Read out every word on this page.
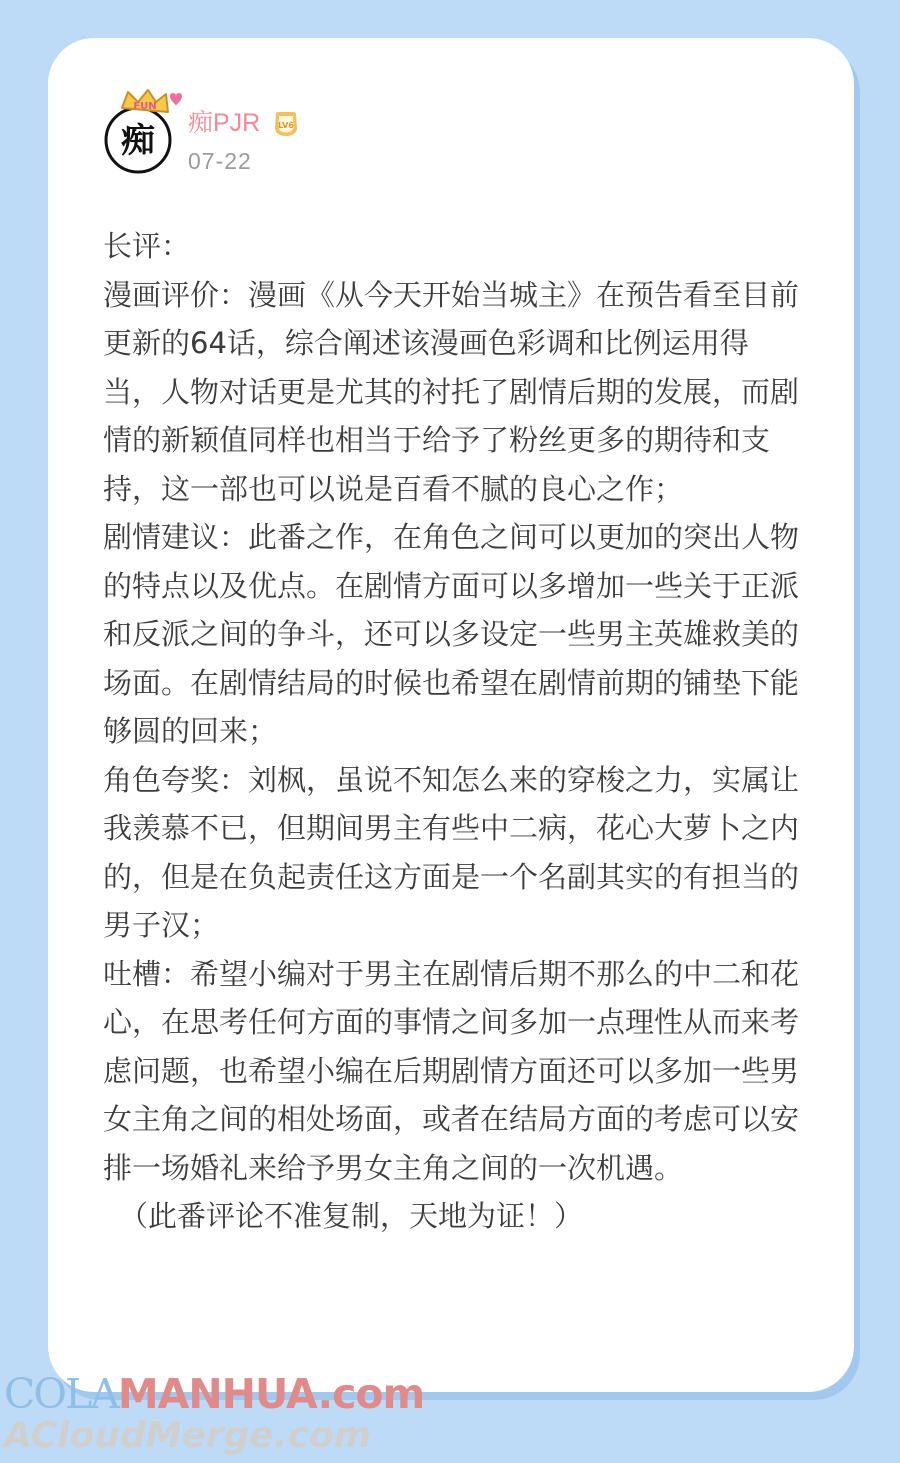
痴
FUN
痴PJR LV6
07-22

长评：

漫画评价：漫画《从今天开始当城主》在预告看至目前更新的64话，综合阐述该漫画色彩调和比例运用得当，人物对话更是尤其的衬托了剧情后期的发展，而剧情的新颖值同样也相当于给予了粉丝更多的期待和支持，这一部也可以说是百看不腻的良心之作；

剧情建议：此番之作，在角色之间可以更加的突出人物的特点以及优点。在剧情方面可以多增加一些关于正派和反派之间的争斗，还可以多设定一些男主英雄救美的场面。在剧情结局的时候也希望在剧情前期的铺垫下能够圆的回来；

角色夸奖：刘枫，虽说不知怎么来的穿梭之力，实属让我羡慕不已，但期间男主有些中二病，花心大萝卜之内的，但是在负起责任这方面是一个名副其实的有担当的男子汉；

吐槽：希望小编对于男主在剧情后期不那么的中二和花心，在思考任何方面的事情之间多加一点理性从而来考虑问题，也希望小编在后期剧情方面还可以多加一些男女主角之间的相处场面，或者在结局方面的考虑可以安排一场婚礼来给予男女主角之间的一次机遇。

（此番评论不准复制，天地为证！）

COLAMANHUA.com
ACloudMerge.com
